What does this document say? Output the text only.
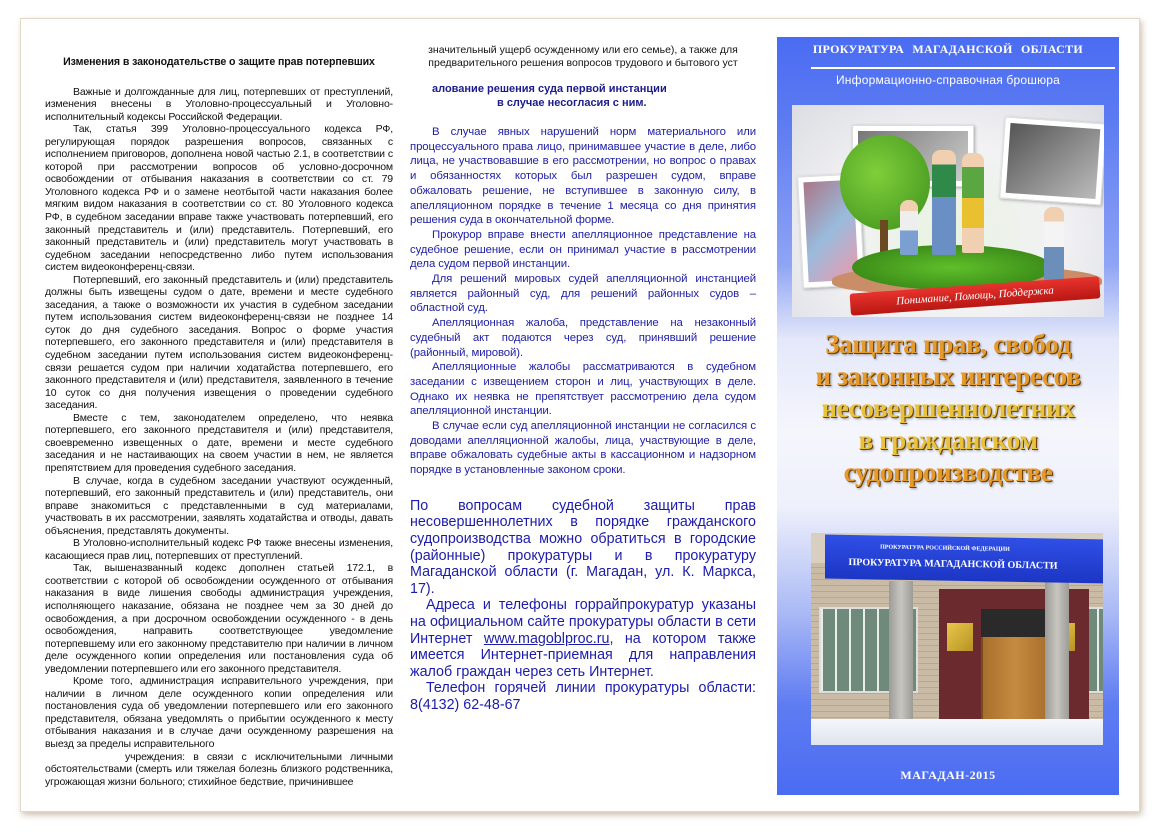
Изменения в законодательстве о защите прав потерпевших

Важные и долгожданные для лиц, потерпевших от преступлений, изменения внесены в Уголовно-процессуальный и Уголовно-исполнительный кодексы Российской Федерации.

Так, статья 399 Уголовно-процессуального кодекса РФ, регулирующая порядок разрешения вопросов, связанных с исполнением приговоров, дополнена новой частью 2.1, в соответствии с которой при рассмотрении вопросов об условно-досрочном освобождении от отбывания наказания в соответствии со ст. 79 Уголовного кодекса РФ и о замене неотбытой части наказания более мягким видом наказания в соответствии со ст. 80 Уголовного кодекса РФ, в судебном заседании вправе также участвовать потерпевший, его законный представитель и (или) представитель. Потерпевший, его законный представитель и (или) представитель могут участвовать в судебном заседании непосредственно либо путем использования систем видеоконференц-связи.

Потерпевший, его законный представитель и (или) представитель должны быть извещены судом о дате, времени и месте судебного заседания, а также о возможности их участия в судебном заседании путем использования систем видеоконференц-связи не позднее 14 суток до дня судебного заседания. Вопрос о форме участия потерпевшего, его законного представителя и (или) представителя в судебном заседании путем использования систем видеоконференц-связи решается судом при наличии ходатайства потерпевшего, его законного представителя и (или) представителя, заявленного в течение 10 суток со дня получения извещения о проведении судебного заседания.

Вместе с тем, законодателем определено, что неявка потерпевшего, его законного представителя и (или) представителя, своевременно извещенных о дате, времени и месте судебного заседания и не настаивающих на своем участии в нем, не является препятствием для проведения судебного заседания.

В случае, когда в судебном заседании участвуют осужденный, потерпевший, его законный представитель и (или) представитель, они вправе знакомиться с представленными в суд материалами, участвовать в их рассмотрении, заявлять ходатайства и отводы, давать объяснения, представлять документы.

В Уголовно-исполнительный кодекс РФ также внесены изменения, касающиеся прав лиц, потерпевших от преступлений.

Так, вышеназванный кодекс дополнен статьей 172.1, в соответствии с которой об освобождении осужденного от отбывания наказания в виде лишения свободы администрация учреждения, исполняющего наказание, обязана не позднее чем за 30 дней до освобождения, а при досрочном освобождении осужденного - в день освобождения, направить соответствующее уведомление потерпевшему или его законному представителю при наличии в личном деле осужденного копии определения или постановления суда об уведомлении потерпевшего или его законного представителя.

Кроме того, администрация исправительного учреждения, при наличии в личном деле осужденного копии определения или постановления суда об уведомлении потерпевшего или его законного представителя, обязана уведомлять о прибытии осужденного к месту отбывания наказания и в случае дачи осужденному разрешения на выезд за пределы исправительного

учреждения: в связи с исключительными личными обстоятельствами (смерть или тяжелая болезнь близкого родственника, угрожающая жизни больного; стихийное бедствие, причинившее

значительный ущерб осужденному или его семье), а также для

предварительного решения вопросов трудового и бытового уст

алование решения суда первой инстанции
в случае несогласия с ним.

В случае явных нарушений норм материального или процессуального права лицо, принимавшее участие в деле, либо лица, не участвовавшие в его рассмотрении, но вопрос о правах и обязанностях которых был разрешен судом, вправе обжаловать решение, не вступившее в законную силу, в апелляционном порядке в течение 1 месяца со дня принятия решения суда в окончательной форме.

Прокурор вправе внести апелляционное представление на судебное решение, если он принимал участие в рассмотрении дела судом первой инстанции.

Для решений мировых судей апелляционной инстанцией является районный суд, для решений районных судов – областной суд.

Апелляционная жалоба, представление на незаконный судебный акт подаются через суд, принявший решение (районный, мировой).

Апелляционные жалобы рассматриваются в судебном заседании с извещением сторон и лиц, участвующих в деле. Однако их неявка не препятствует рассмотрению дела судом апелляционной инстанции.

В случае если суд апелляционной инстанции не согласился с доводами апелляционной жалобы, лица, участвующие в деле, вправе обжаловать судебные акты в кассационном и надзорном порядке в установленные законом сроки.

По вопросам судебной защиты прав несовершеннолетних в порядке гражданского судопроизводства можно обратиться в городские (районные) прокуратуры и в прокуратуру Магаданской области (г. Магадан, ул. К. Маркса, 17).

Адреса и телефоны горрайпрокуратур указаны на официальном сайте прокуратуры области в сети Интернет www.magoblproc.ru, на котором также имеется Интернет-приемная для направления жалоб граждан через сеть Интернет.

Телефон горячей линии прокуратуры области: 8(4132) 62-48-67

ПРОКУРАТУРА МАГАДАНСКОЙ ОБЛАСТИ
Информационно-справочная брошюра
Понимание, Помощь, Поддержка
Защита прав, свобод
и законных интересов
несовершеннолетних
в гражданском
судопроизводстве
ПРОКУРАТУРА РОССИЙСКОЙ ФЕДЕРАЦИИ
ПРОКУРАТУРА МАГАДАНСКОЙ ОБЛАСТИ
МАГАДАН-2015
